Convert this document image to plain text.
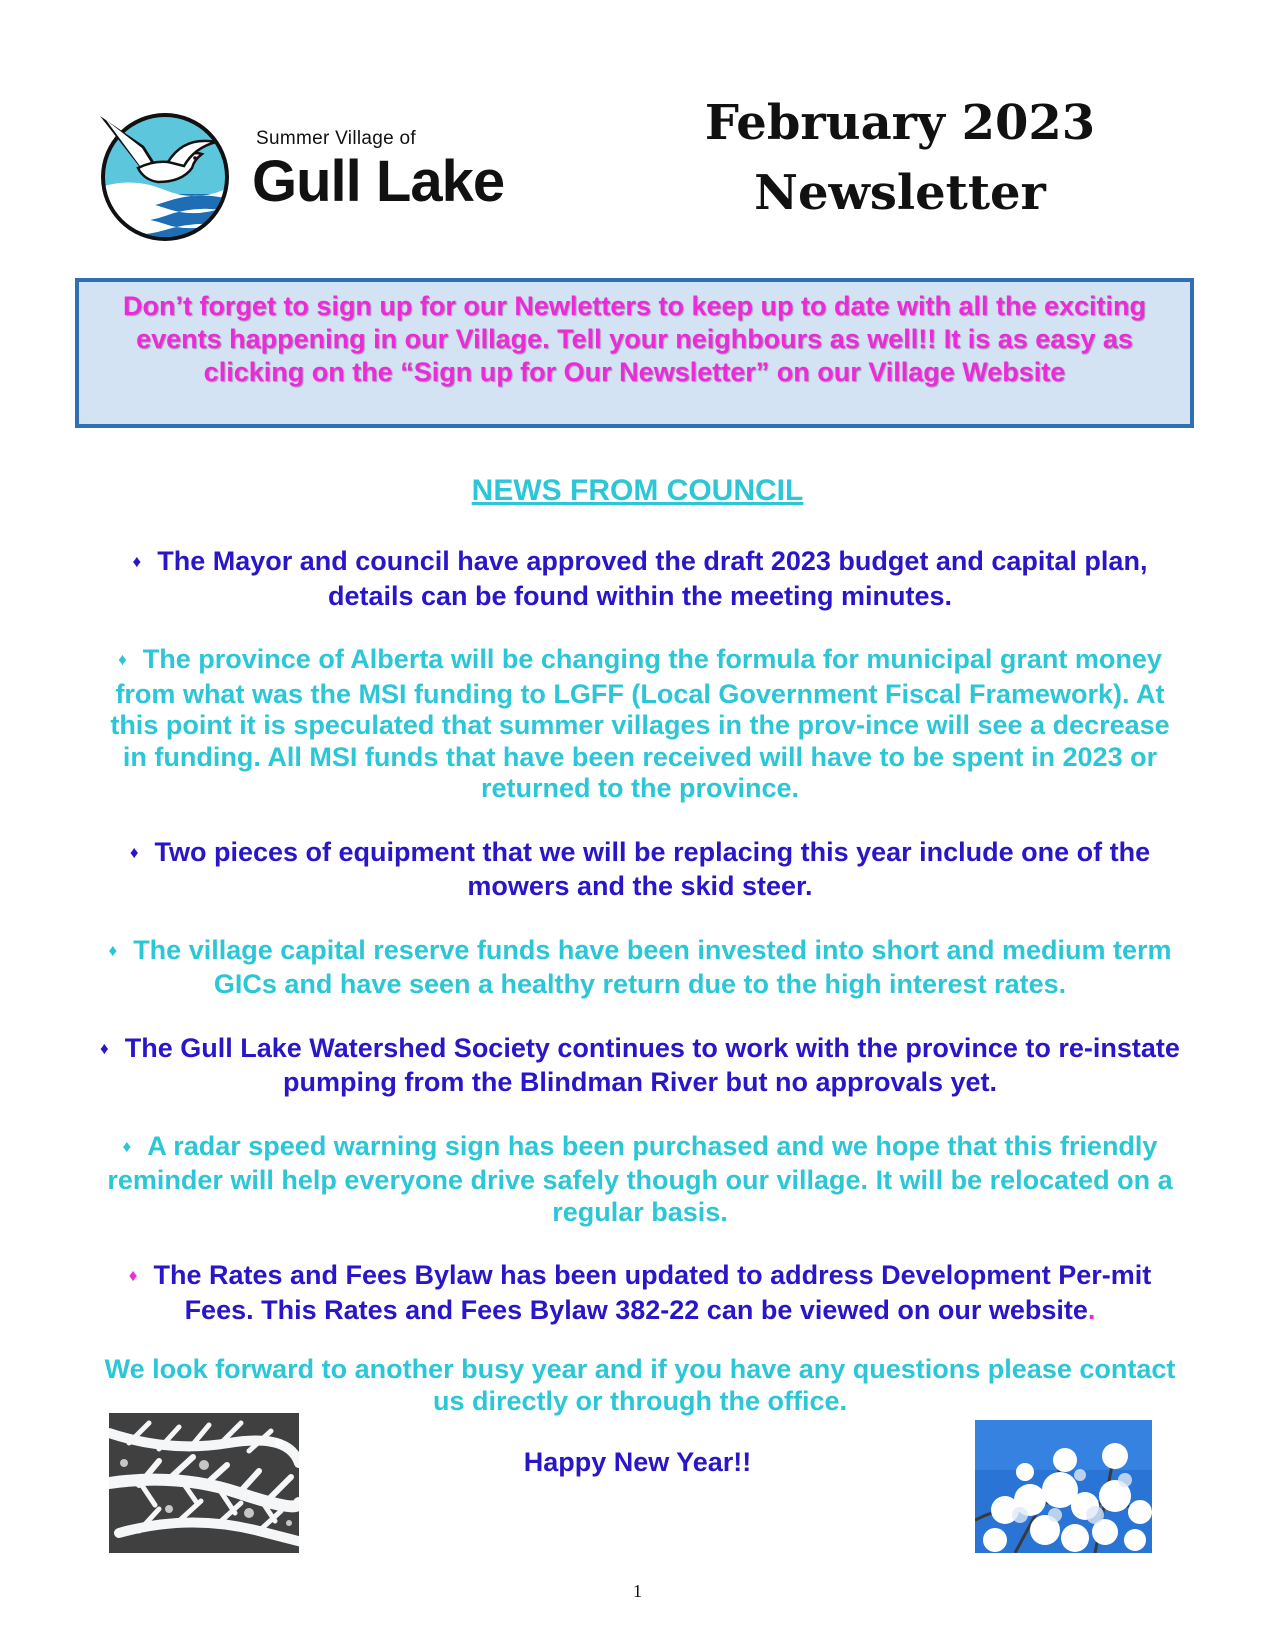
Summer Village of
Gull Lake
February 2023
Newsletter
Don’t forget to sign up for our Newletters to keep up to date with all the exciting events happening in our Village. Tell your neighbours as well!! It is as easy as clicking on the “Sign up for Our Newsletter” on our Village Website
NEWS FROM COUNCIL
♦ The Mayor and council have approved the draft 2023 budget and capital plan, details can be found within the meeting minutes.
♦ The province of Alberta will be changing the formula for municipal grant money from what was the MSI funding to LGFF (Local Government Fiscal Framework). At this point it is speculated that summer villages in the prov-ince will see a decrease in funding. All MSI funds that have been received will have to be spent in 2023 or returned to the province.
♦ Two pieces of equipment that we will be replacing this year include one of the mowers and the skid steer.
♦ The village capital reserve funds have been invested into short and medium term GICs and have seen a healthy return due to the high interest rates.
♦ The Gull Lake Watershed Society continues to work with the province to re-instate pumping from the Blindman River but no approvals yet.
♦ A radar speed warning sign has been purchased and we hope that this friendly reminder will help everyone drive safely though our village. It will be relocated on a regular basis.
♦ The Rates and Fees Bylaw has been updated to address Development Per-mit Fees. This Rates and Fees Bylaw 382-22 can be viewed on our website.
We look forward to another busy year and if you have any questions please contact us directly or through the office.
Happy New Year!!
1
